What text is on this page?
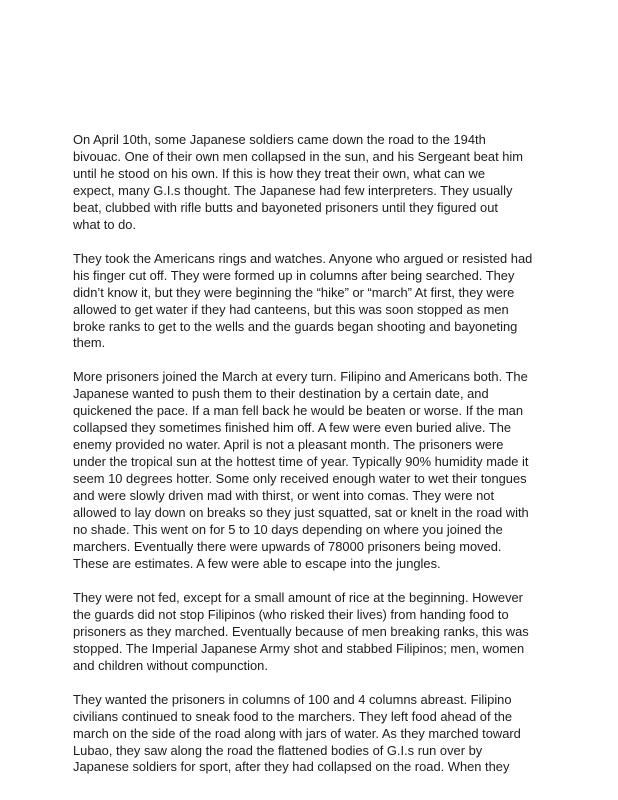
On April 10th, some Japanese soldiers came down the road to the 194th
bivouac. One of their own men collapsed in the sun, and his Sergeant beat him
until he stood on his own. If this is how they treat their own, what can we
expect, many G.I.s thought. The Japanese had few interpreters. They usually
beat, clubbed with rifle butts and bayoneted prisoners until they figured out
what to do.

They took the Americans rings and watches. Anyone who argued or resisted had
his finger cut off. They were formed up in columns after being searched. They
didn’t know it, but they were beginning the “hike” or “march” At first, they were
allowed to get water if they had canteens, but this was soon stopped as men
broke ranks to get to the wells and the guards began shooting and bayoneting
them.

More prisoners joined the March at every turn. Filipino and Americans both. The
Japanese wanted to push them to their destination by a certain date, and
quickened the pace. If a man fell back he would be beaten or worse. If the man
collapsed they sometimes finished him off. A few were even buried alive. The
enemy provided no water. April is not a pleasant month. The prisoners were
under the tropical sun at the hottest time of year. Typically 90% humidity made it
seem 10 degrees hotter. Some only received enough water to wet their tongues
and were slowly driven mad with thirst, or went into comas. They were not
allowed to lay down on breaks so they just squatted, sat or knelt in the road with
no shade. This went on for 5 to 10 days depending on where you joined the
marchers. Eventually there were upwards of 78000 prisoners being moved.
These are estimates. A few were able to escape into the jungles.

They were not fed, except for a small amount of rice at the beginning. However
the guards did not stop Filipinos (who risked their lives) from handing food to
prisoners as they marched. Eventually because of men breaking ranks, this was
stopped. The Imperial Japanese Army shot and stabbed Filipinos; men, women
and children without compunction.

They wanted the prisoners in columns of 100 and 4 columns abreast. Filipino
civilians continued to sneak food to the marchers. They left food ahead of the
march on the side of the road along with jars of water. As they marched toward
Lubao, they saw along the road the flattened bodies of G.I.s run over by
Japanese soldiers for sport, after they had collapsed on the road. When they
